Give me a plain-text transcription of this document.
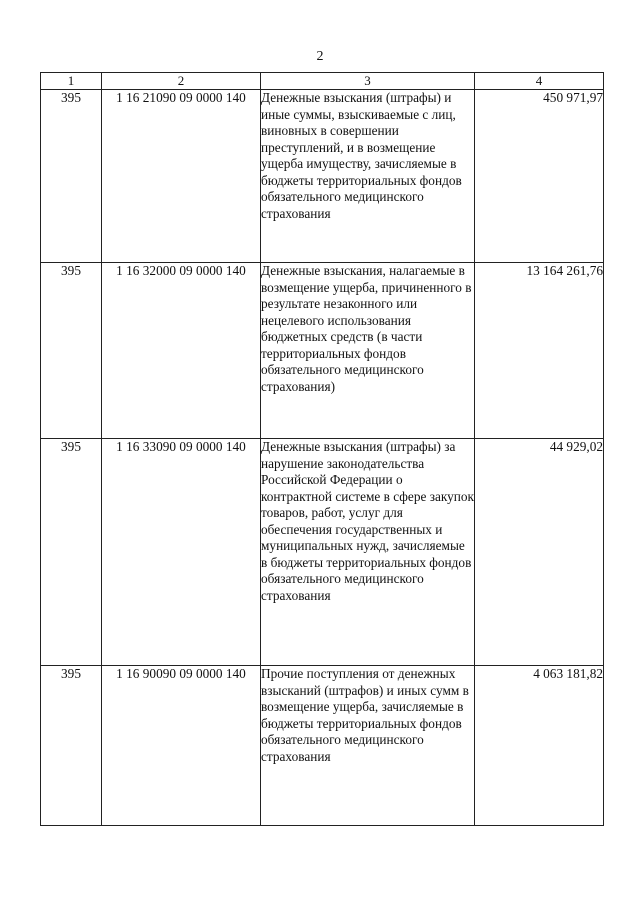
2
1	2	3	4
395	1 16 21090 09 0000 140	Денежные взыскания (штрафы) и иные суммы, взыскиваемые с лиц, виновных в совершении преступлений, и в возмещение ущерба имуществу, зачисляемые в бюджеты территориальных фондов обязательного медицинского страхования	450 971,97
395	1 16 32000 09 0000 140	Денежные взыскания, налагаемые в возмещение ущерба, причиненного в результате незаконного или нецелевого использования бюджетных средств (в части территориальных фондов обязательного медицинского страхования)	13 164 261,76
395	1 16 33090 09 0000 140	Денежные взыскания (штрафы) за нарушение законодательства Российской Федерации о контрактной системе в сфере закупок товаров, работ, услуг для обеспечения государственных и муниципальных нужд, зачисляемые в бюджеты территориальных фондов обязательного медицинского страхования	44 929,02
395	1 16 90090 09 0000 140	Прочие поступления от денежных взысканий (штрафов) и иных сумм в возмещение ущерба, зачисляемые в бюджеты территориальных фондов обязательного медицинского страхования	4 063 181,82
